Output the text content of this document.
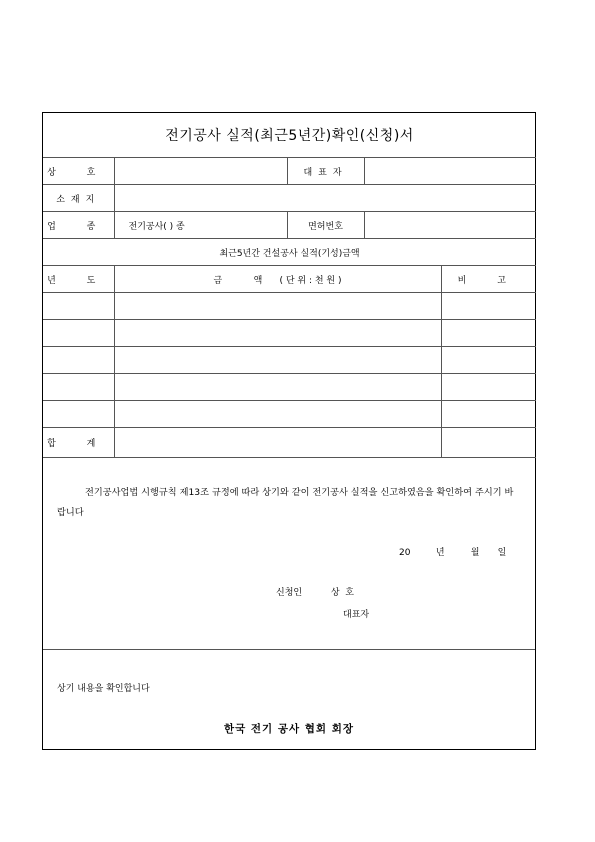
전기공사 실적(최근5년간)확인(신청)서				
상 호		대표자		
소재지				
업 종	전기공사( ) 종	면허번호		
최근5년간 건설공사 실적(기성)금액				
년 도	금           액      ( 단 위 : 천 원 )			비 고

합 계				
전기공사업법 시행규칙 제13조 규정에 따라 상기와 같이 전기공사 실적을 신고하였음을 확인하여 주시기 바랍니다
20	년	월 일
신청인	상  호
대표자
상기 내용을 확인합니다
한국 전기 공사 협회 회장
